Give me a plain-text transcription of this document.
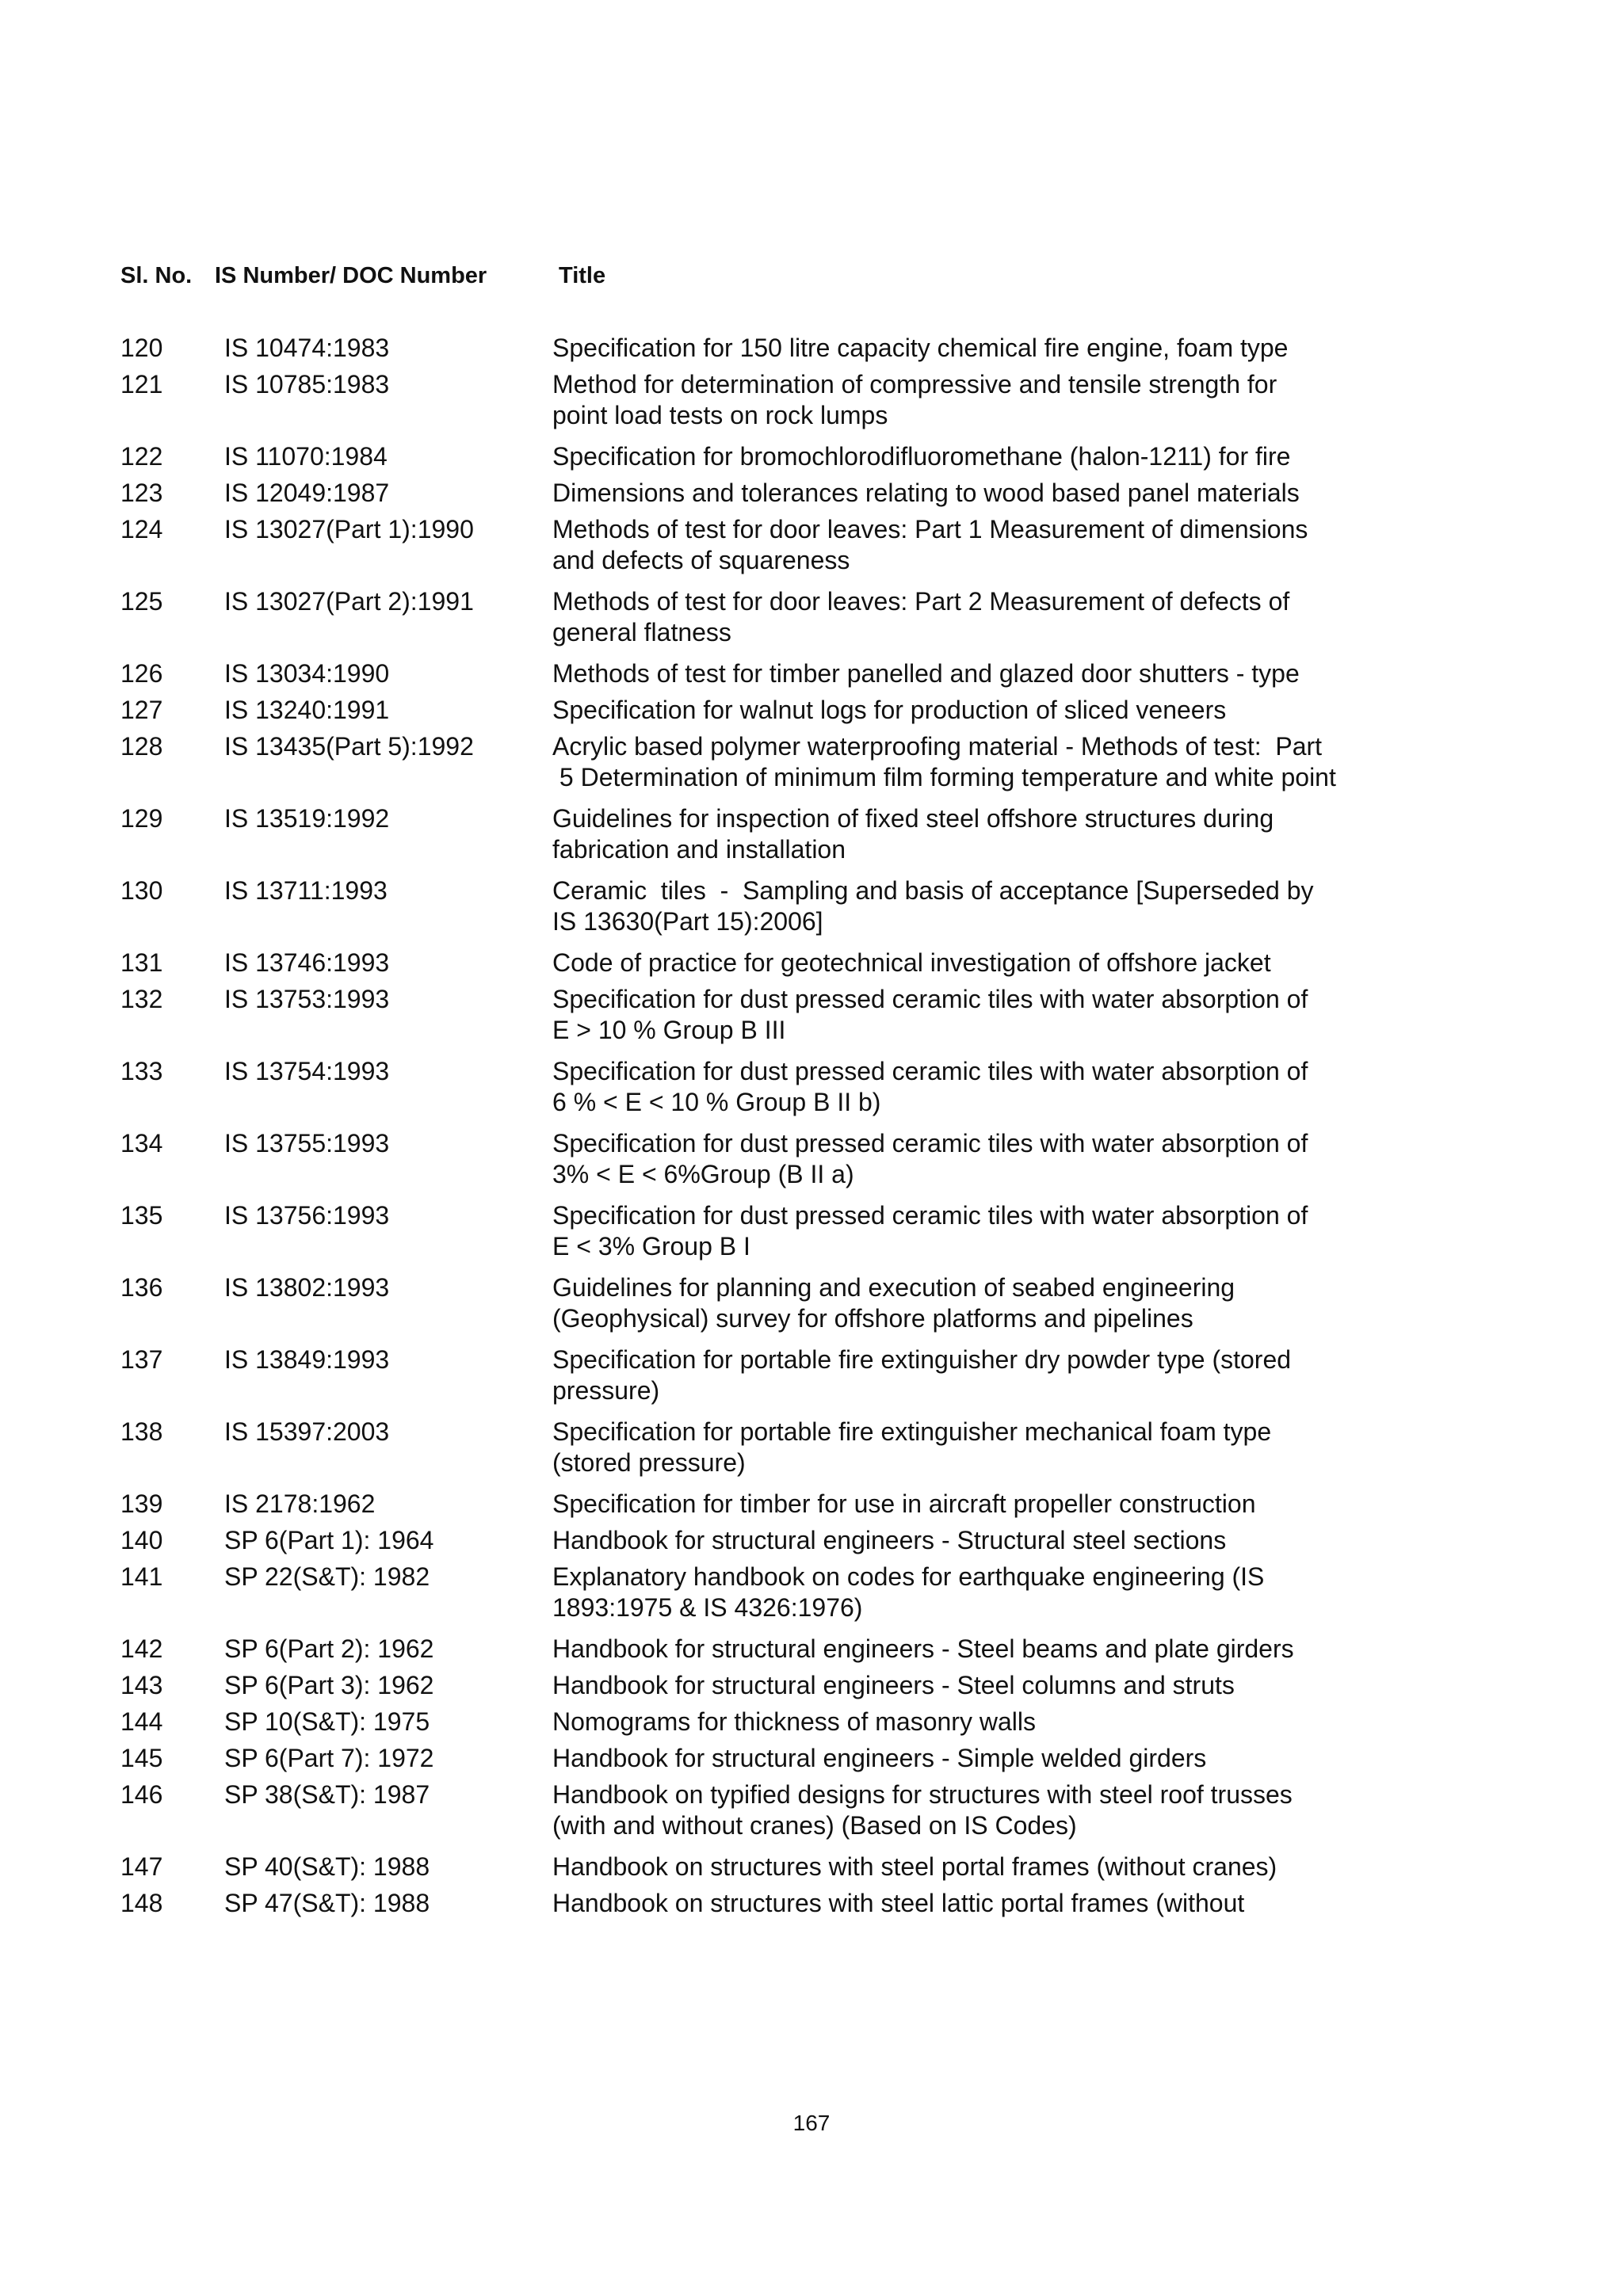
Sl. No. IS Number/ DOC Number	Title
120 IS 10474:1983	Specification for 150 litre capacity chemical fire engine, foam type
121 IS 10785:1983	Method for determination of compressive and tensile strength for
point load tests on rock lumps
122 IS 11070:1984	Specification for bromochlorodifluoromethane (halon-1211) for fire
123 IS 12049:1987	Dimensions and tolerances relating to wood based panel materials
124 IS 13027(Part 1):1990	Methods of test for door leaves: Part 1 Measurement of dimensions
and defects of squareness
125 IS 13027(Part 2):1991	Methods of test for door leaves: Part 2 Measurement of defects of
general flatness
126 IS 13034:1990	Methods of test for timber panelled and glazed door shutters - type
127 IS 13240:1991	Specification for walnut logs for production of sliced veneers
128 IS 13435(Part 5):1992	Acrylic based polymer waterproofing material - Methods of test:  Part
5 Determination of minimum film forming temperature and white point
129 IS 13519:1992	Guidelines for inspection of fixed steel offshore structures during
fabrication and installation
130 IS 13711:1993	Ceramic  tiles  -  Sampling and basis of acceptance [Superseded by
IS 13630(Part 15):2006]
131 IS 13746:1993	Code of practice for geotechnical investigation of offshore jacket
132 IS 13753:1993	Specification for dust pressed ceramic tiles with water absorption of
E > 10 % Group B III
133 IS 13754:1993	Specification for dust pressed ceramic tiles with water absorption of
6 % < E < 10 % Group B II b)
134 IS 13755:1993	Specification for dust pressed ceramic tiles with water absorption of
3% < E < 6%Group (B II a)
135 IS 13756:1993	Specification for dust pressed ceramic tiles with water absorption of
E < 3% Group B I
136 IS 13802:1993	Guidelines for planning and execution of seabed engineering
(Geophysical) survey for offshore platforms and pipelines
137 IS 13849:1993	Specification for portable fire extinguisher dry powder type (stored
pressure)
138 IS 15397:2003	Specification for portable fire extinguisher mechanical foam type
(stored pressure)
139 IS 2178:1962	Specification for timber for use in aircraft propeller construction
140 SP 6(Part 1): 1964	Handbook for structural engineers - Structural steel sections
141 SP 22(S&T): 1982	Explanatory handbook on codes for earthquake engineering (IS
1893:1975 & IS 4326:1976)
142 SP 6(Part 2): 1962	Handbook for structural engineers - Steel beams and plate girders
143 SP 6(Part 3): 1962	Handbook for structural engineers - Steel columns and struts
144 SP 10(S&T): 1975	Nomograms for thickness of masonry walls
145 SP 6(Part 7): 1972	Handbook for structural engineers - Simple welded girders
146 SP 38(S&T): 1987	Handbook on typified designs for structures with steel roof trusses
(with and without cranes) (Based on IS Codes)
147 SP 40(S&T): 1988	Handbook on structures with steel portal frames (without cranes)
148 SP 47(S&T): 1988	Handbook on structures with steel lattic portal frames (without
167
